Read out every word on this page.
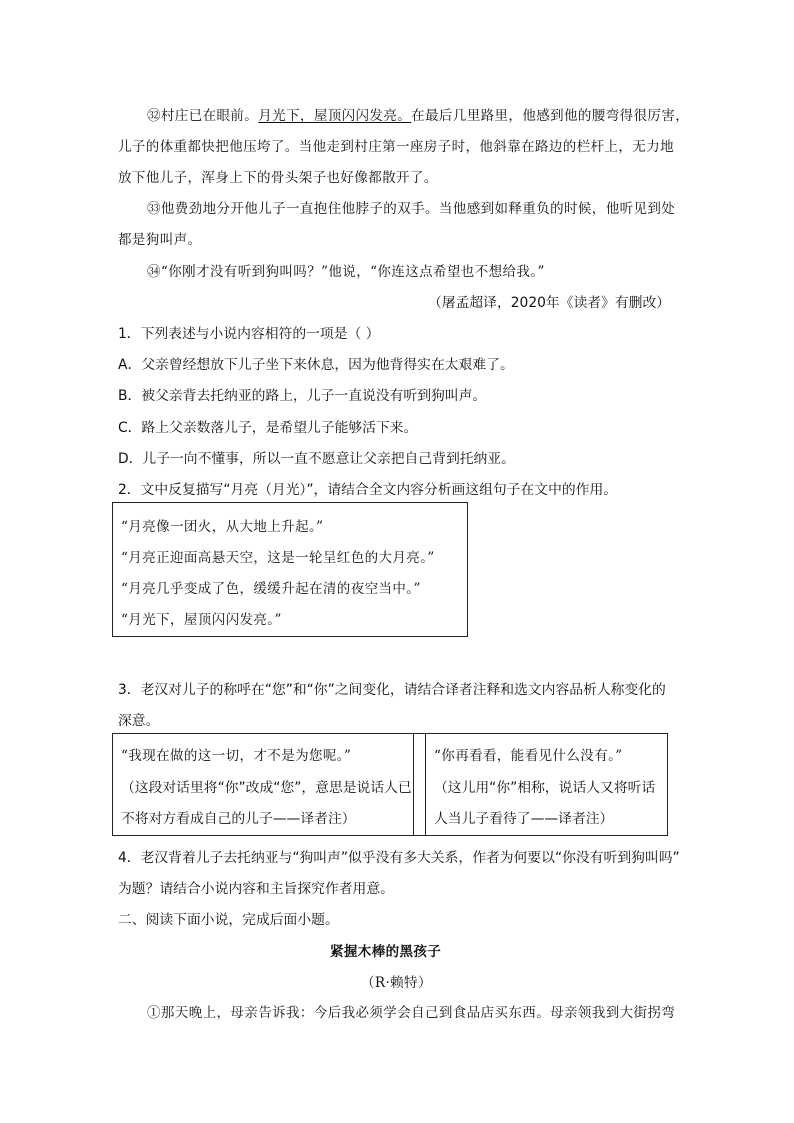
㉜村庄已在眼前。月光下，屋顶闪闪发亮。在最后几里路里，他感到他的腰弯得很厉害，
儿子的体重都快把他压垮了。当他走到村庄第一座房子时，他斜靠在路边的栏杆上，无力地
放下他儿子，浑身上下的骨头架子也好像都散开了。
㉝他费劲地分开他儿子一直抱住他脖子的双手。当他感到如释重负的时候，他听见到处
都是狗叫声。
㉞“你刚才没有听到狗叫吗？”他说，“你连这点希望也不想给我。”
（屠孟超译，2020年《读者》有删改）
1．下列表述与小说内容相符的一项是（ ）
A．父亲曾经想放下儿子坐下来休息，因为他背得实在太艰难了。
B．被父亲背去托纳亚的路上，儿子一直说没有听到狗叫声。
C．路上父亲数落儿子，是希望儿子能够活下来。
D．儿子一向不懂事，所以一直不愿意让父亲把自己背到托纳亚。
2．文中反复描写“月亮（月光）”，请结合全文内容分析画这组句子在文中的作用。
“月亮像一团火，从大地上升起。”
“月亮正迎面高悬天空，这是一轮呈红色的大月亮。”
“月亮几乎变成了色，缓缓升起在清的夜空当中。”
“月光下，屋顶闪闪发亮。”
3．老汉对儿子的称呼在“您”和“你”之间变化，请结合译者注释和选文内容品析人称变化的
深意。
“我现在做的这一切，才不是为您呢。”
（这段对话里将“你”改成“您”，意思是说话人已
不将对方看成自己的儿子——译者注）
“你再看看，能看见什么没有。”
（这儿用“你”相称，说话人又将听话
人当儿子看待了——译者注）
4．老汉背着儿子去托纳亚与“狗叫声”似乎没有多大关系，作者为何要以“你没有听到狗叫吗”
为题？请结合小说内容和主旨探究作者用意。
二、阅读下面小说，完成后面小题。
紧握木棒的黑孩子
（R·赖特）
①那天晚上，母亲告诉我：今后我必须学会自己到食品店买东西。母亲领我到大街拐弯
